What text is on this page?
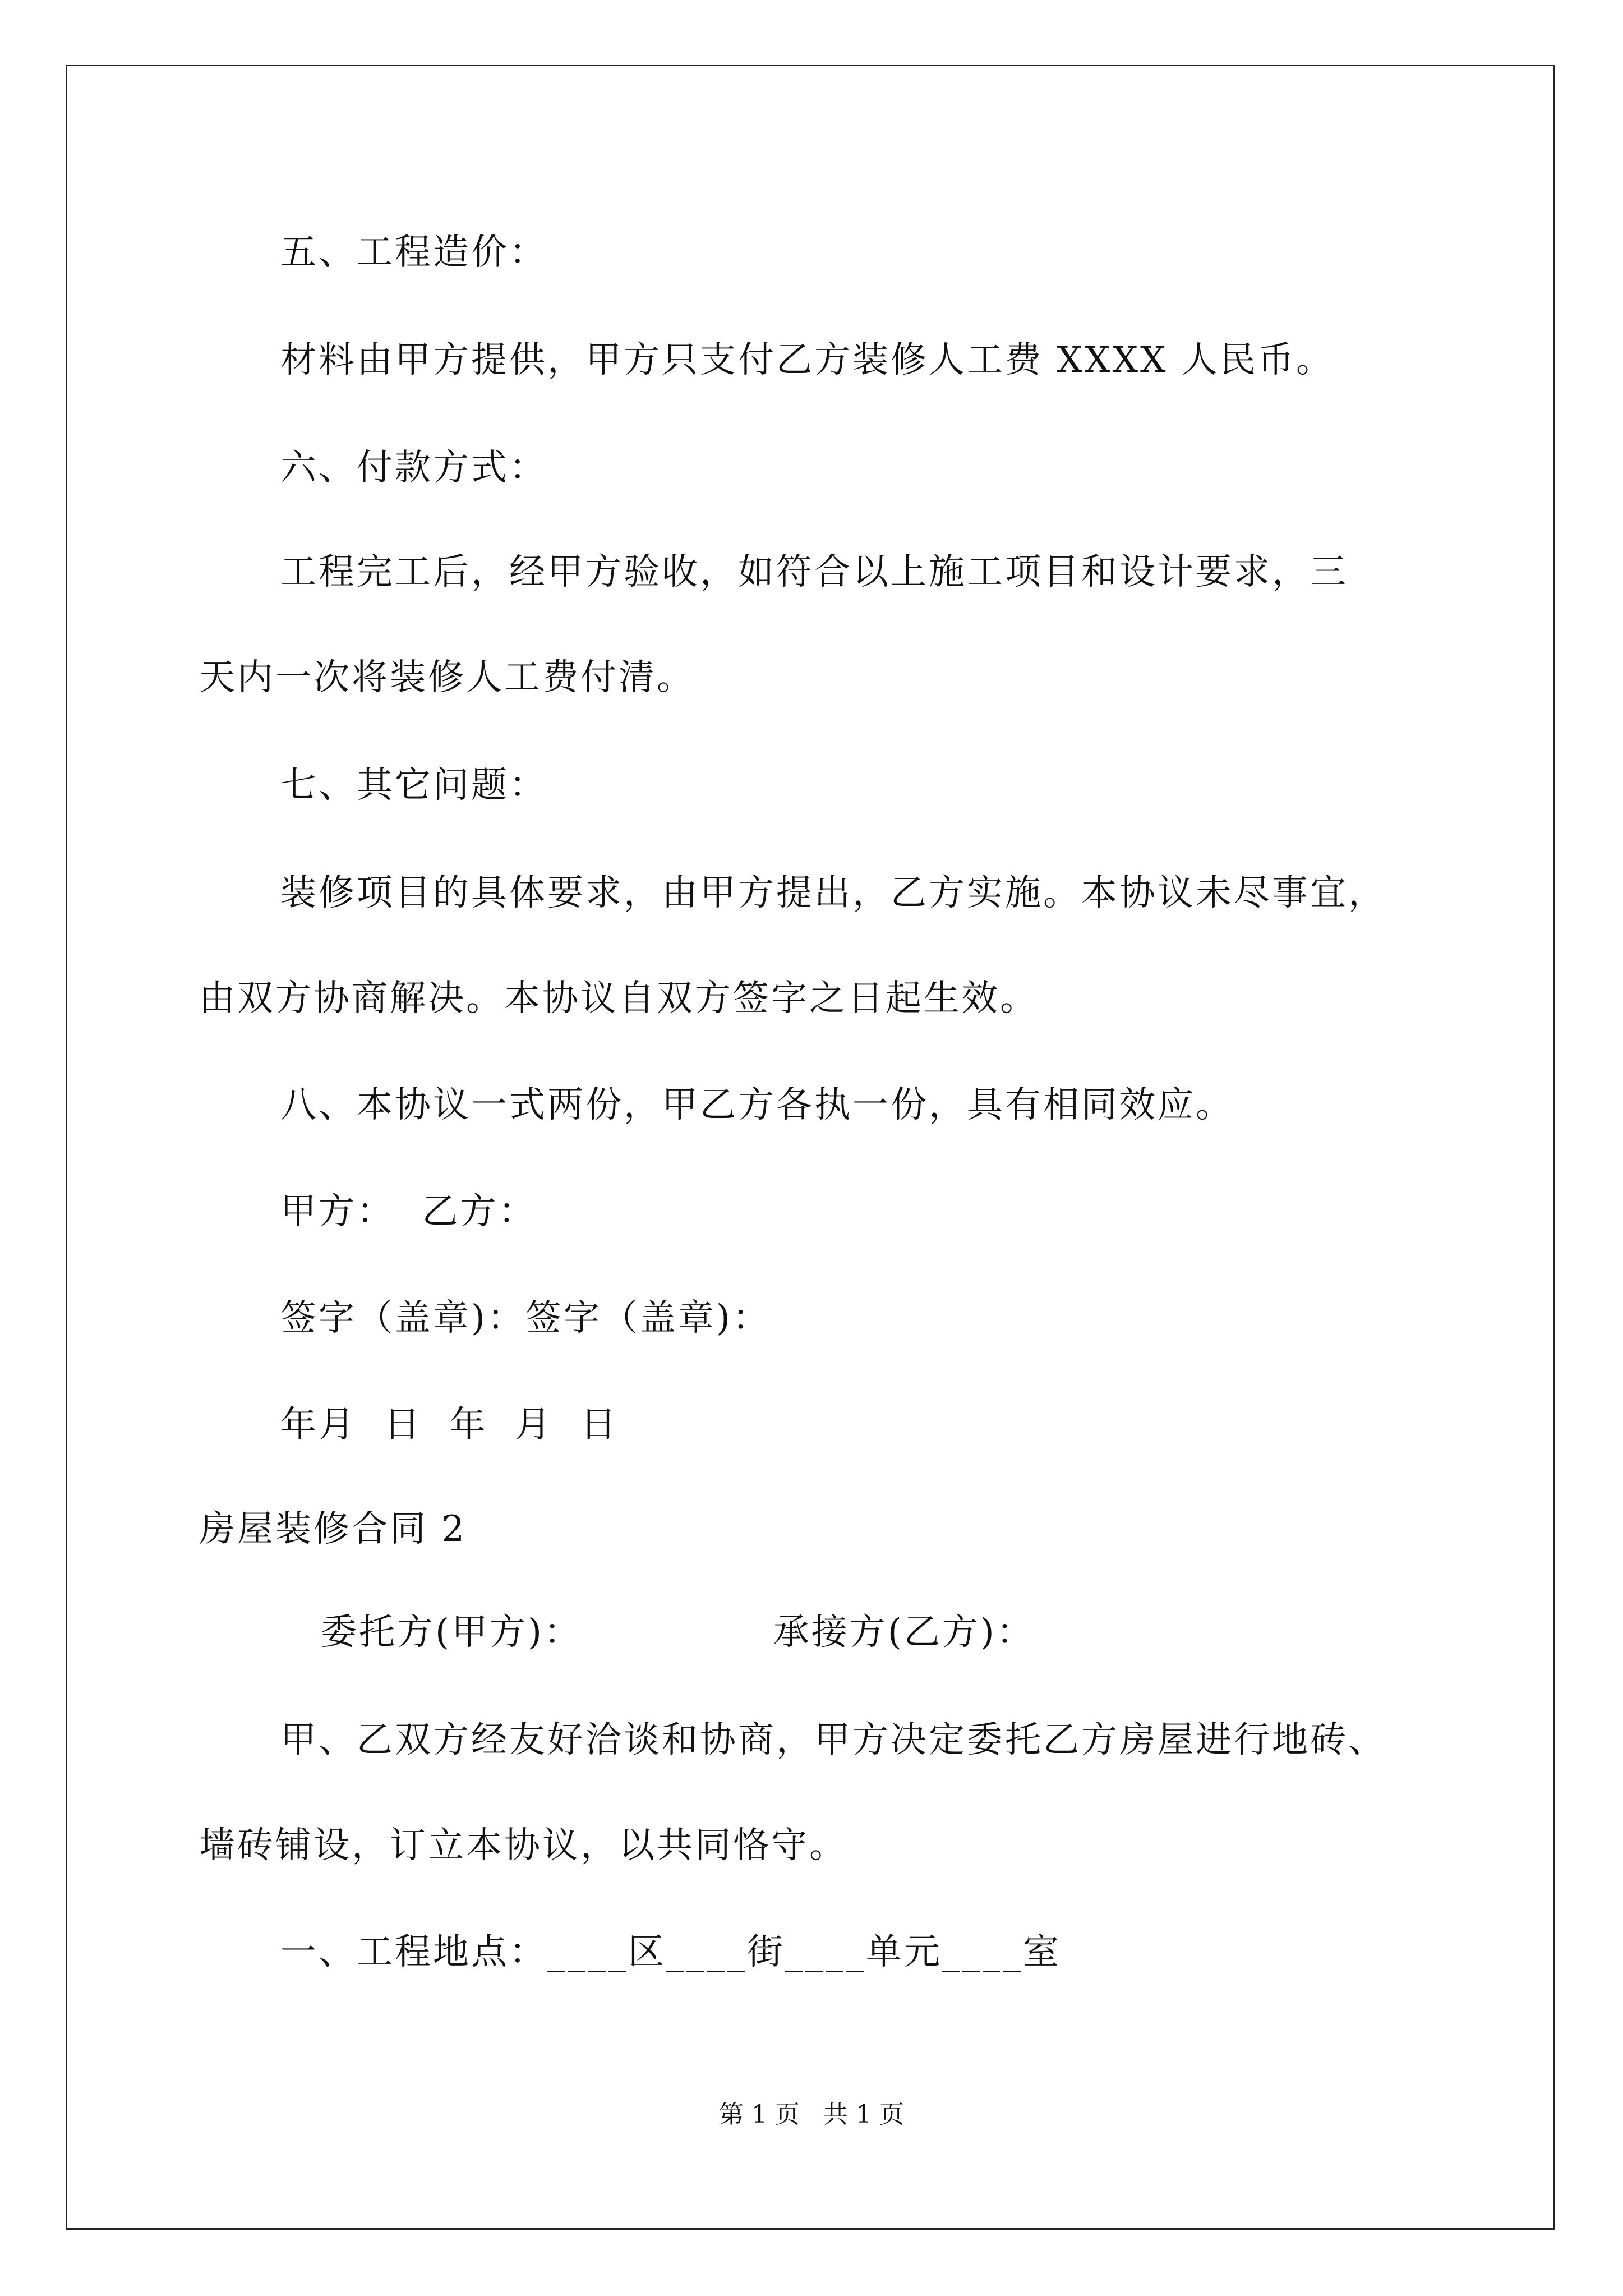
五、工程造价：
材料由甲方提供，甲方只支付乙方装修人工费 XXXX 人民币。
六、付款方式：
工程完工后，经甲方验收，如符合以上施工项目和设计要求，三
天内一次将装修人工费付清。
七、其它问题：
装修项目的具体要求，由甲方提出，乙方实施。本协议未尽事宜，
由双方协商解决。本协议自双方签字之日起生效。
八、本协议一式两份，甲乙方各执一份，具有相同效应。
甲方：  乙方：
签字（盖章)：签字（盖章)：
年月  日  年  月  日
房屋装修合同 2
委托方(甲方)：              承接方(乙方)：
甲、乙双方经友好洽谈和协商，甲方决定委托乙方房屋进行地砖、
墙砖铺设，订立本协议，以共同恪守。
一、工程地点：____区____街____单元____室
第 1 页   共 1 页
